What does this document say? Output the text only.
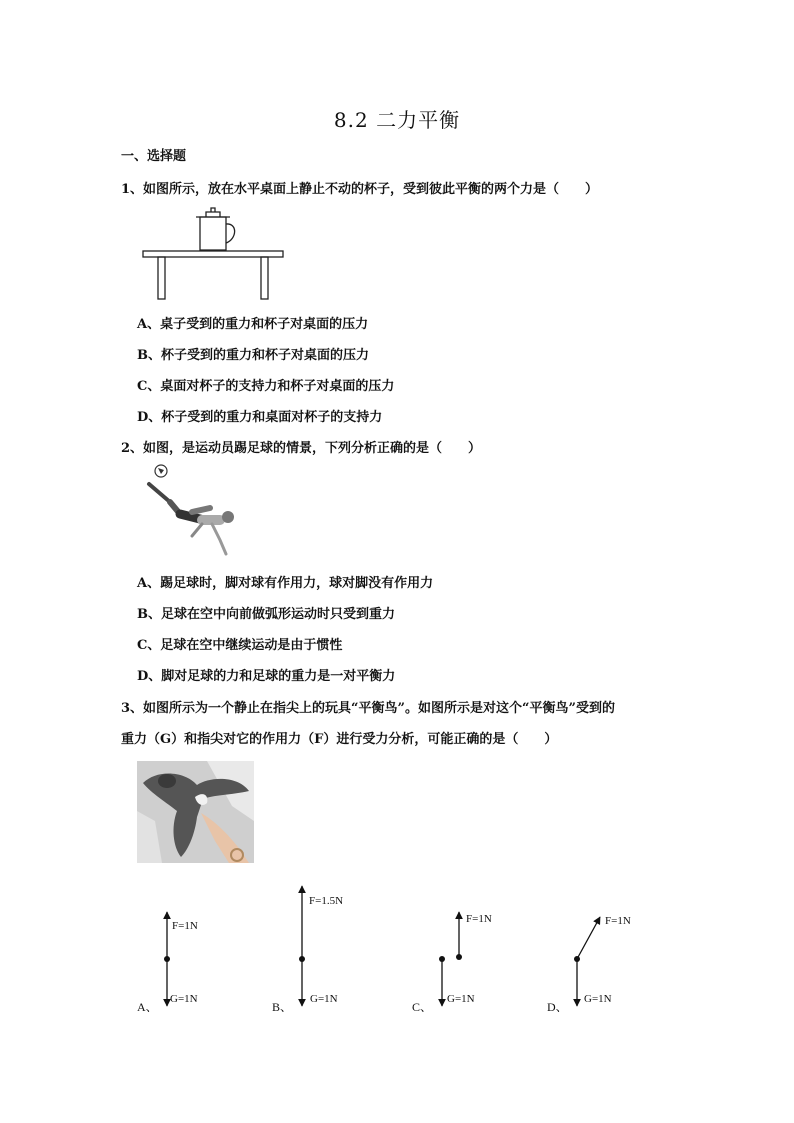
8.2 二力平衡
一、选择题
1、如图所示，放在水平桌面上静止不动的杯子，受到彼此平衡的两个力是（　　）
A、桌子受到的重力和杯子对桌面的压力
B、杯子受到的重力和杯子对桌面的压力
C、桌面对杯子的支持力和杯子对桌面的压力
D、杯子受到的重力和桌面对杯子的支持力
2、如图，是运动员踢足球的情景，下列分析正确的是（　　）
A、踢足球时，脚对球有作用力，球对脚没有作用力
B、足球在空中向前做弧形运动时只受到重力
C、足球在空中继续运动是由于惯性
D、脚对足球的力和足球的重力是一对平衡力
3、如图所示为一个静止在指尖上的玩具“平衡鸟”。如图所示是对这个“平衡鸟”受到的
重力（G）和指尖对它的作用力（F）进行受力分析，可能正确的是（　　）
F=1N
G=1N
A、
F=1.5N
G=1N
B、
F=1N
G=1N
C、
F=1N
G=1N
D、
